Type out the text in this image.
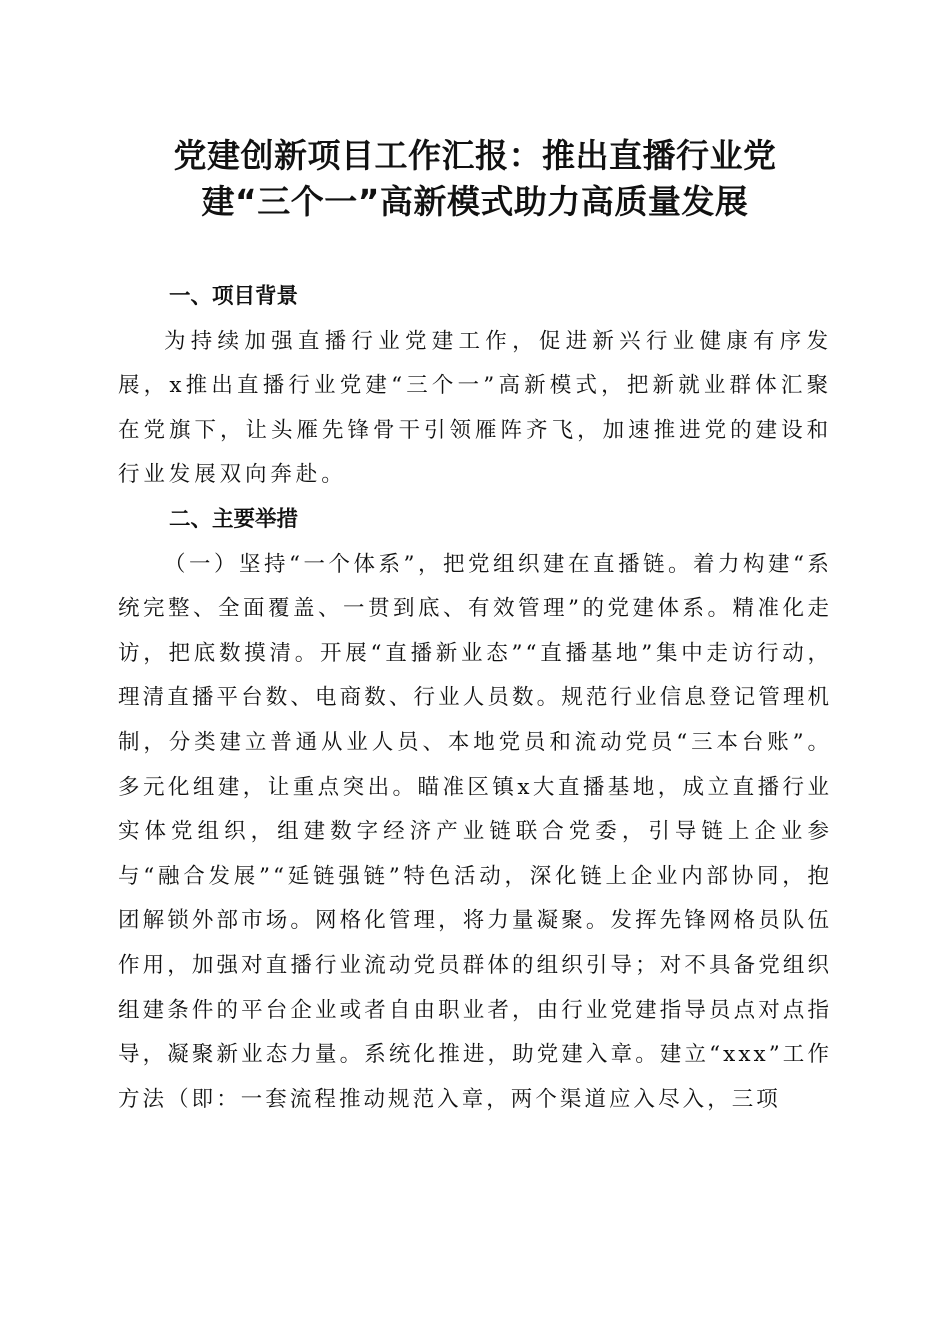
党建创新项目工作汇报：推出直播行业党
建“三个一”高新模式助力高质量发展

一、项目背景

为持续加强直播行业党建工作，促进新兴行业健康有序发展，x推出直播行业党建“三个一”高新模式，把新就业群体汇聚在党旗下，让头雁先锋骨干引领雁阵齐飞，加速推进党的建设和行业发展双向奔赴。

二、主要举措

（一）坚持“一个体系”，把党组织建在直播链。着力构建“系统完整、全面覆盖、一贯到底、有效管理”的党建体系。精准化走访，把底数摸清。开展“直播新业态”“直播基地”集中走访行动，理清直播平台数、电商数、行业人员数。规范行业信息登记管理机制，分类建立普通从业人员、本地党员和流动党员“三本台账”。多元化组建，让重点突出。瞄准区镇x大直播基地，成立直播行业实体党组织，组建数字经济产业链联合党委，引导链上企业参与“融合发展”“延链强链”特色活动，深化链上企业内部协同，抱团解锁外部市场。网格化管理，将力量凝聚。发挥先锋网格员队伍作用，加强对直播行业流动党员群体的组织引导；对不具备党组织组建条件的平台企业或者自由职业者，由行业党建指导员点对点指导，凝聚新业态力量。系统化推进，助党建入章。建立“xxx”工作方法（即：一套流程推动规范入章，两个渠道应入尽入，三项
